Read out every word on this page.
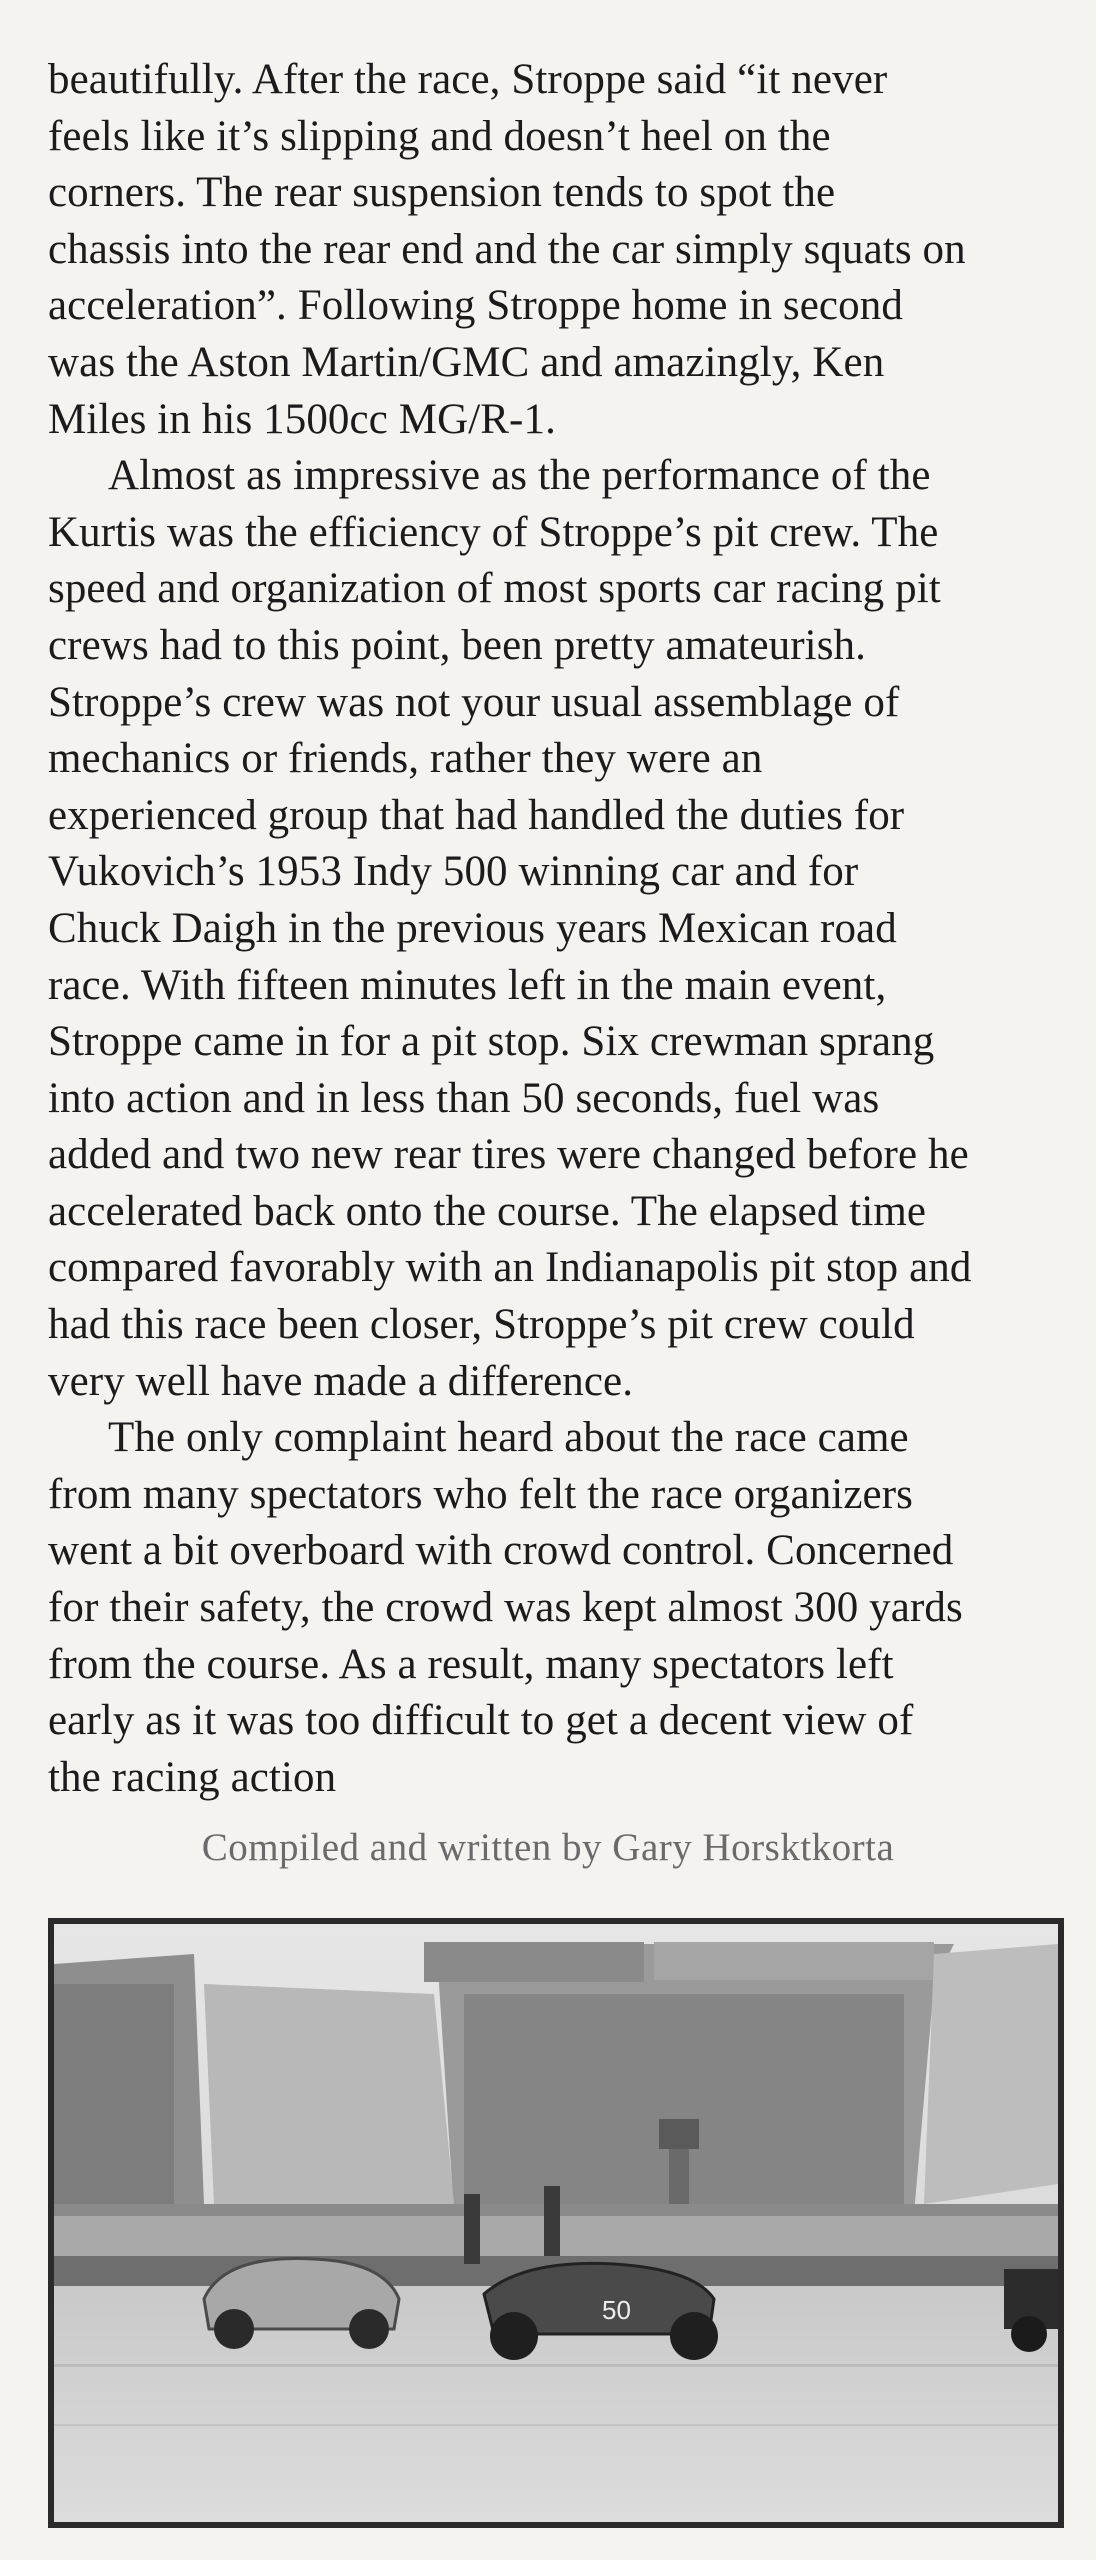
beautifully. After the race, Stroppe said “it never
feels like it’s slipping and doesn’t heel on the
corners. The rear suspension tends to spot the
chassis into the rear end and the car simply squats on
acceleration”. Following Stroppe home in second
was the Aston Martin/GMC and amazingly, Ken
Miles in his 1500cc MG/R-1.
Almost as impressive as the performance of the
Kurtis was the efficiency of Stroppe’s pit crew. The
speed and organization of most sports car racing pit
crews had to this point, been pretty amateurish.
Stroppe’s crew was not your usual assemblage of
mechanics or friends, rather they were an
experienced group that had handled the duties for
Vukovich’s 1953 Indy 500 winning car and for
Chuck Daigh in the previous years Mexican road
race. With fifteen minutes left in the main event,
Stroppe came in for a pit stop. Six crewman sprang
into action and in less than 50 seconds, fuel was
added and two new rear tires were changed before he
accelerated back onto the course. The elapsed time
compared favorably with an Indianapolis pit stop and
had this race been closer, Stroppe’s pit crew could
very well have made a difference.
The only complaint heard about the race came
from many spectators who felt the race organizers
went a bit overboard with crowd control. Concerned
for their safety, the crowd was kept almost 300 yards
from the course. As a result, many spectators left
early as it was too difficult to get a decent view of
the racing action
Compiled and written by Gary Horsktkorta
50
